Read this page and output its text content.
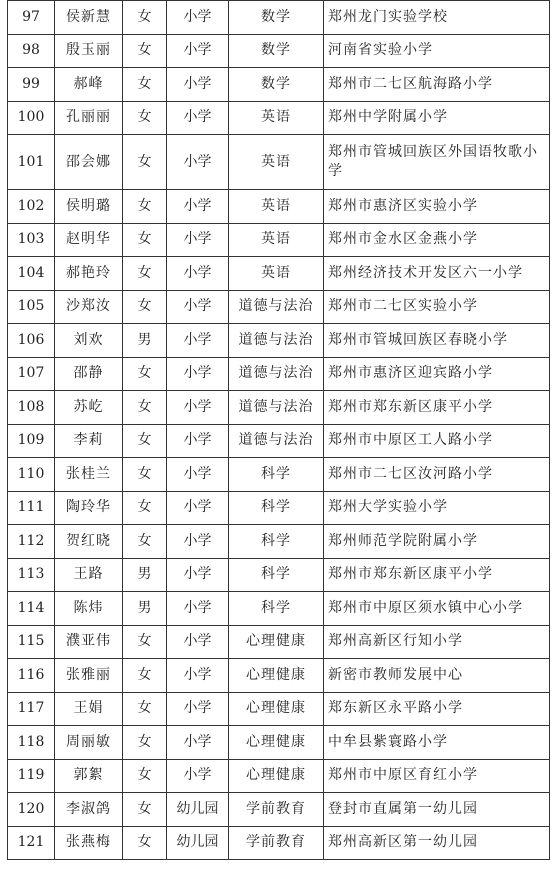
97	侯新慧	女	小学	数学	郑州龙门实验学校
98	殷玉丽	女	小学	数学	河南省实验小学
99	郝峰	女	小学	数学	郑州市二七区航海路小学
100	孔丽丽	女	小学	英语	郑州中学附属小学
101	邵会娜	女	小学	英语	郑州市管城回族区外国语牧歌小学
102	侯明璐	女	小学	英语	郑州市惠济区实验小学
103	赵明华	女	小学	英语	郑州市金水区金燕小学
104	郝艳玲	女	小学	英语	郑州经济技术开发区六一小学
105	沙郑汝	女	小学	道德与法治	郑州市二七区实验小学
106	刘欢	男	小学	道德与法治	郑州市管城回族区春晓小学
107	邵静	女	小学	道德与法治	郑州市惠济区迎宾路小学
108	苏屹	女	小学	道德与法治	郑州市郑东新区康平小学
109	李莉	女	小学	道德与法治	郑州市中原区工人路小学
110	张桂兰	女	小学	科学	郑州市二七区汝河路小学
111	陶玲华	女	小学	科学	郑州大学实验小学
112	贺红晓	女	小学	科学	郑州师范学院附属小学
113	王路	男	小学	科学	郑州市郑东新区康平小学
114	陈炜	男	小学	科学	郑州市中原区须水镇中心小学
115	濮亚伟	女	小学	心理健康	郑州高新区行知小学
116	张雅丽	女	小学	心理健康	新密市教师发展中心
117	王娟	女	小学	心理健康	郑东新区永平路小学
118	周丽敏	女	小学	心理健康	中牟县紫寰路小学
119	郭絮	女	小学	心理健康	郑州市中原区育红小学
120	李淑鸽	女	幼儿园	学前教育	登封市直属第一幼儿园
121	张燕梅	女	幼儿园	学前教育	郑州高新区第一幼儿园
